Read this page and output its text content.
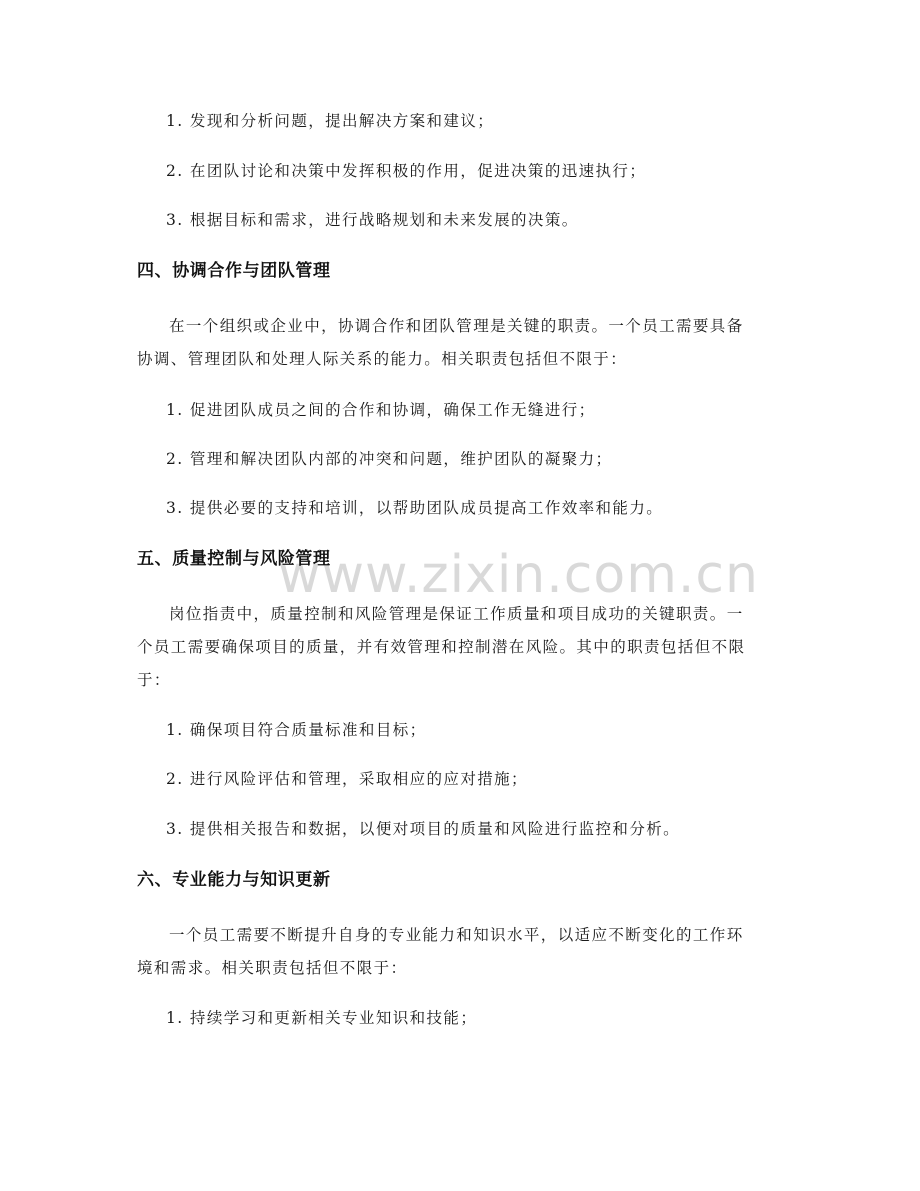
www.zixin.com.cn
1. 发现和分析问题，提出解决方案和建议；
2. 在团队讨论和决策中发挥积极的作用，促进决策的迅速执行；
3. 根据目标和需求，进行战略规划和未来发展的决策。
四、协调合作与团队管理
在一个组织或企业中，协调合作和团队管理是关键的职责。一个员工需要具备
协调、管理团队和处理人际关系的能力。相关职责包括但不限于：
1. 促进团队成员之间的合作和协调，确保工作无缝进行；
2. 管理和解决团队内部的冲突和问题，维护团队的凝聚力；
3. 提供必要的支持和培训，以帮助团队成员提高工作效率和能力。
五、质量控制与风险管理
岗位指责中，质量控制和风险管理是保证工作质量和项目成功的关键职责。一
个员工需要确保项目的质量，并有效管理和控制潜在风险。其中的职责包括但不限
于：
1. 确保项目符合质量标准和目标；
2. 进行风险评估和管理，采取相应的应对措施；
3. 提供相关报告和数据，以便对项目的质量和风险进行监控和分析。
六、专业能力与知识更新
一个员工需要不断提升自身的专业能力和知识水平，以适应不断变化的工作环
境和需求。相关职责包括但不限于：
1. 持续学习和更新相关专业知识和技能；
